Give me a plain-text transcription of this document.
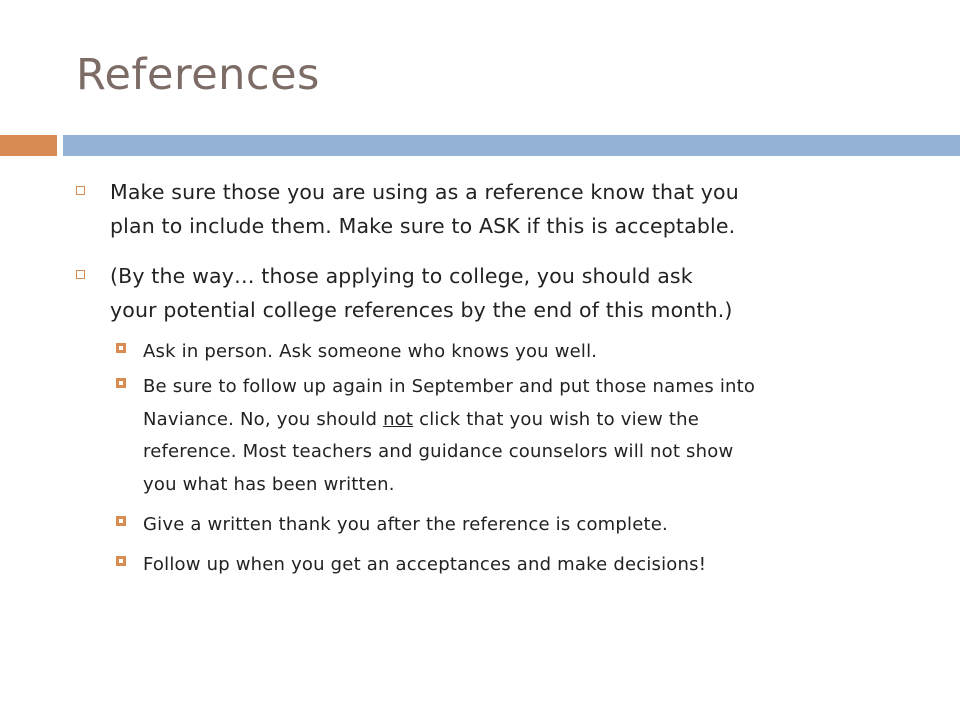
References
Make sure those you are using as a reference know that you
plan to include them. Make sure to ASK if this is acceptable.
(By the way… those applying to college, you should ask
your potential college references by the end of this month.)
Ask in person. Ask someone who knows you well.
Be sure to follow up again in September and put those names into
Naviance. No, you should not click that you wish to view the
reference. Most teachers and guidance counselors will not show
you what has been written.
Give a written thank you after the reference is complete.
Follow up when you get an acceptances and make decisions!
